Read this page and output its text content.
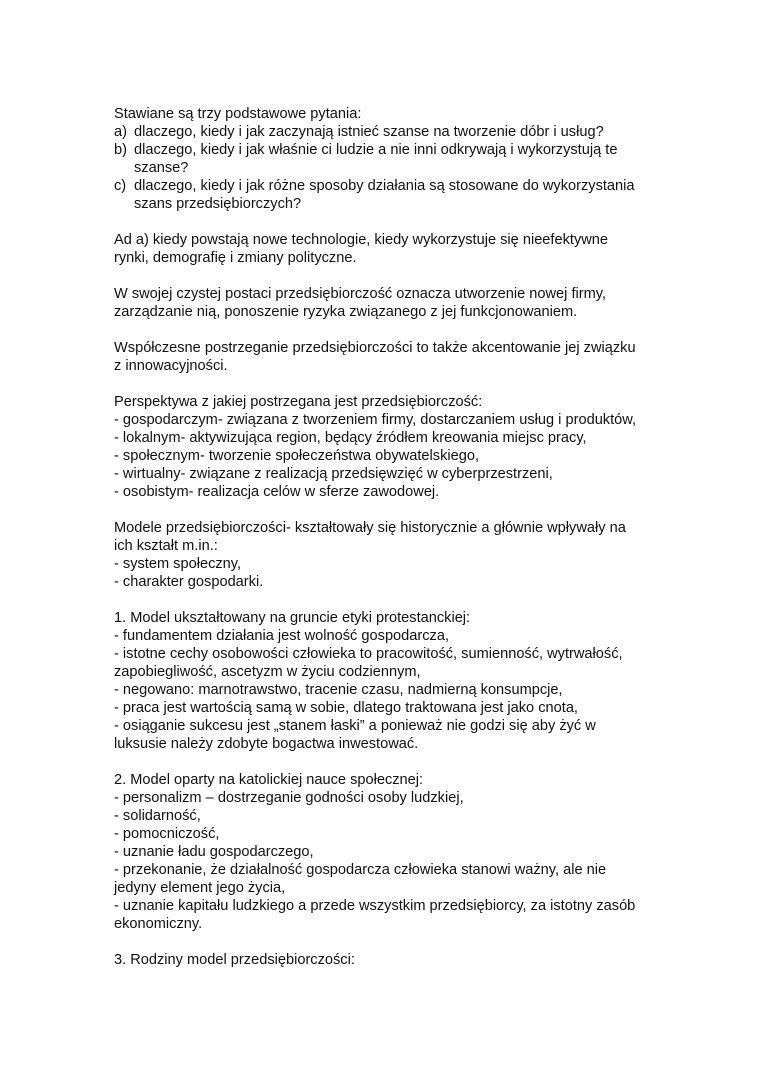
Stawiane są trzy podstawowe pytania:
a) dlaczego, kiedy i jak zaczynają istnieć szanse na tworzenie dóbr i usług?
b) dlaczego, kiedy i jak właśnie ci ludzie a nie inni odkrywają i wykorzystują te
szanse?
c) dlaczego, kiedy i jak różne sposoby działania są stosowane do wykorzystania
szans przedsiębiorczych?
Ad a) kiedy powstają nowe technologie, kiedy wykorzystuje się nieefektywne
rynki, demografię i zmiany polityczne.
W swojej czystej postaci przedsiębiorczość oznacza utworzenie nowej firmy,
zarządzanie nią, ponoszenie ryzyka związanego z jej funkcjonowaniem.
Współczesne postrzeganie przedsiębiorczości to także akcentowanie jej związku
z innowacyjności.
Perspektywa z jakiej postrzegana jest przedsiębiorczość:
- gospodarczym- związana z tworzeniem firmy, dostarczaniem usług i produktów,
- lokalnym- aktywizująca region, będący źródłem kreowania miejsc pracy,
- społecznym- tworzenie społeczeństwa obywatelskiego,
- wirtualny- związane z realizacją przedsięwzięć w cyberprzestrzeni,
- osobistym- realizacja celów w sferze zawodowej.
Modele przedsiębiorczości- kształtowały się historycznie a głównie wpływały na
ich kształt m.in.:
- system społeczny,
- charakter gospodarki.
1. Model ukształtowany na gruncie etyki protestanckiej:
- fundamentem działania jest wolność gospodarcza,
- istotne cechy osobowości człowieka to pracowitość, sumienność, wytrwałość,
zapobiegliwość, ascetyzm w życiu codziennym,
- negowano: marnotrawstwo, tracenie czasu, nadmierną konsumpcje,
- praca jest wartością samą w sobie, dlatego traktowana jest jako cnota,
- osiąganie sukcesu jest „stanem łaski” a ponieważ nie godzi się aby żyć w
luksusie należy zdobyte bogactwa inwestować.
2. Model oparty na katolickiej nauce społecznej:
- personalizm – dostrzeganie godności osoby ludzkiej,
- solidarność,
- pomocniczość,
- uznanie ładu gospodarczego,
- przekonanie, że działalność gospodarcza człowieka stanowi ważny, ale nie
jedyny element jego życia,
- uznanie kapitału ludzkiego a przede wszystkim przedsiębiorcy, za istotny zasób
ekonomiczny.
3. Rodziny model przedsiębiorczości:
